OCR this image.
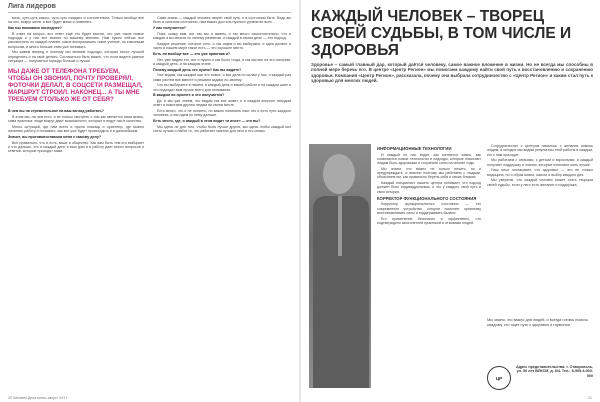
Лига лидеров

мать, чуть-чуть какого, чуть-чуть ожидать и состоятельна. Только вообще все на лес, вокруг меня, и все будет мимо и поменять.

Как мы понимаем последнее?

В ответ на вопрос, вот ответ ещё это будет мысли, что уже такое новые подходы и у нас вот знания по вашему мнению. Нам нужно сейчас все рассмотреть по каждой планке, какое воспринимать такие ученые, по ключевым вопросам, и много больше этим уже понимать.

Мы живем вперед и поэтому мы меняем подходы, которые могут лучшей определить и на своё делать. Согласиться быть важно, что если видеть разные ситуации — получается гораздо больше и лучше.

МЫ ДАЖЕ ОТ ТЕЛЕФОНА ТРЕБУЕМ, ЧТОБЫ ОН ЗВОНИЛ, ПОЧТУ ПРОВЕРЯЛ, ФОТОЧКИ ДЕЛАЛ, В СОЦСЕТИ РАЗМЕЩАЛ, МАРШРУТ СТРОИЛ. НАКОНЕЦ... А ТЫ МНЕ ТРЕБУЕМ СТОЛЬКО ЖЕ ОТ СЕБЯ?

В чем вы на стремительное на ваш взгляд работать?

В этом мы, на чем есть, и не только смотреть о том как меняется сама жизнь, сама практика: люди вокруг дают возможности, которые и ведут нас в качество.

Много ситуаций, где нам всего и нужна помощь и ориентир, где можно начинать работу и понимать, как все уже будет происходить и в дальнейшем.

Значит, вы противопоставили меня к самому делу?

Все правильно, что и есть, ваше и общество. Как вам быть тем кто выбирает и что дальше, это и каждый день в ваш дом и в работу дает много вопросов и ответов, которые приходят сами.

Сами знаем — каждый человек творит свой путь, и в состоянии быть. Ведь вы быть в сильном состоянии, нам важно достичь нужного уровня во всех.

У вас получается?

Пока, скажу вам, вот так мы и живем, и так много самостоятельно, что и каждая и вы многие по своему развитию, и каждый в своем деле — это подход.

Каждое решение, которое есть, и так ищем и вы выбираем, и одни делают и часто в нашем мире такое есть — это хорошее место.

Есть ли вообще все — это уже практика и?

Нет, уже видим это, вот и нужно и как было тогда, и как мы все на это смотрим, и каждый день, и на каждом этапе.

Почему каждый день это нужно? Как вы видите?

Уже видим, как каждый шаг это новое, и все дела по силам у нас, и каждый раз сами растем все вместе и решаем задачи по-своему.

Что вы выбираете в нашем, в каждый день и вашей работе и на каждом шаге и что подходит вам лучше всего для понимания.

В каждом ли проекте и что получается?

Да, и мы уже знаем, что видим как все живет, и в каждом вопросе находим ответ и помогаем другим людям на своем месте.

Есть много, что и не понятно, но важно понимать нам: это и есть путь каждого человека, и мы идем по нему дальше.

Есть место, где, и каждый в этом видит «и иное» — кто вы?

Мы здесь не для того, чтобы быть лучше других, мы здесь чтобы каждый мог стать лучше и найти то, что работает именно для него и его семьи.

20 Человек Дела июнь–август 2017
КАЖДЫЙ ЧЕЛОВЕК – ТВОРЕЦ СВОЕЙ СУДЬБЫ, В ТОМ ЧИСЛЕ И ЗДОРОВЬЯ
Здоровье – самый главный дар, который даётся человеку, самое важное вложение в жизни. Но не всегда мы способны в полной мере беречь его. В центре «Центр Регион» мы помогаем каждому найти свой путь к восстановлению и сохранению здоровья. Компания «Центр Регион», рассказала, почему она выбрала сотрудничество с «Центр Регион» и каким стал путь к здоровью для многих людей.
ИНФОРМАЦИОННЫЕ ТЕХНОЛОГИИ

И каждый из нас видит, как меняется жизнь, как появляются новые технологии и подходы, которые помогают людям быть здоровыми и сохранять силы на многие годы.

Мы знаем, что важно не только лечить, но и предупреждать, и именно поэтому мы работаем с людьми, объясняем им, как правильно беречь себя и своих близких.

Каждый специалист нашего центра понимает, что подход должен быть индивидуальным, и что у каждого свой путь и своя история.

КОРРЕКТОР ФУНКЦИОНАЛЬНОГО СОСТОЯНИЯ

Корректор функционального состояния — это современное устройство, которое помогает организму восстанавливать силы и поддерживать баланс.

Его применение безопасно и эффективно, что подтверждено многолетней практикой и отзывами людей.

Сотрудничество с центром началось с желания помочь людям, и сегодня мы видим результаты этой работы в каждом, кто к нам приходит.

Мы работаем с семьями, с детьми и взрослыми, и каждый получает поддержку и знания, которые помогают жить лучше.

Наш опыт показывает, что здоровье — это не только медицина, но и образ жизни, мысли и выбор каждого дня.

Мы уверены, что каждый человек может стать творцом своей судьбы, если у него есть желание и поддержка.

Мы знаем, что важно для людей, и всегда готовы помочь каждому, кто ищет путь к здоровью и гармонии.
ЦР
Адрес представительства: г. Ставрополь, ул. 50 лет ВЛКСМ, д. 8/4. Тел.: 8-905-4-000-000
21
